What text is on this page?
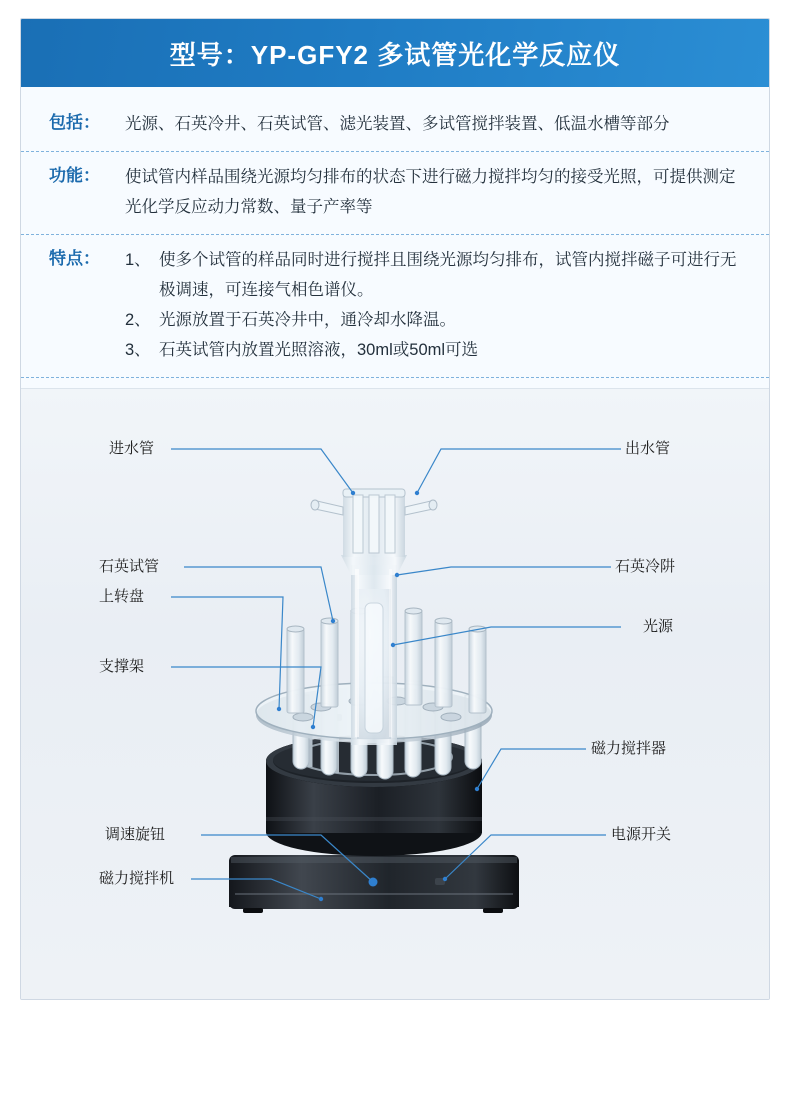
型号：YP-GFY2 多试管光化学反应仪
包括：	光源、石英冷井、石英试管、滤光装置、多试管搅拌装置、低温水槽等部分

功能：	使试管内样品围绕光源均匀排布的状态下进行磁力搅拌均匀的接受光照，可提供测定光化学反应动力常数、量子产率等

特点：	1、 使多个试管的样品同时进行搅拌且围绕光源均匀排布，试管内搅拌磁子可进行无极调速，可连接气相色谱仪。
2、 光源放置于石英冷井中，通冷却水降温。
3、 石英试管内放置光照溶液，30ml或50ml可选
进水管	出水管
石英试管	石英冷阱
上转盘
光源
支撑架
磁力搅拌器
调速旋钮	电源开关
磁力搅拌机
